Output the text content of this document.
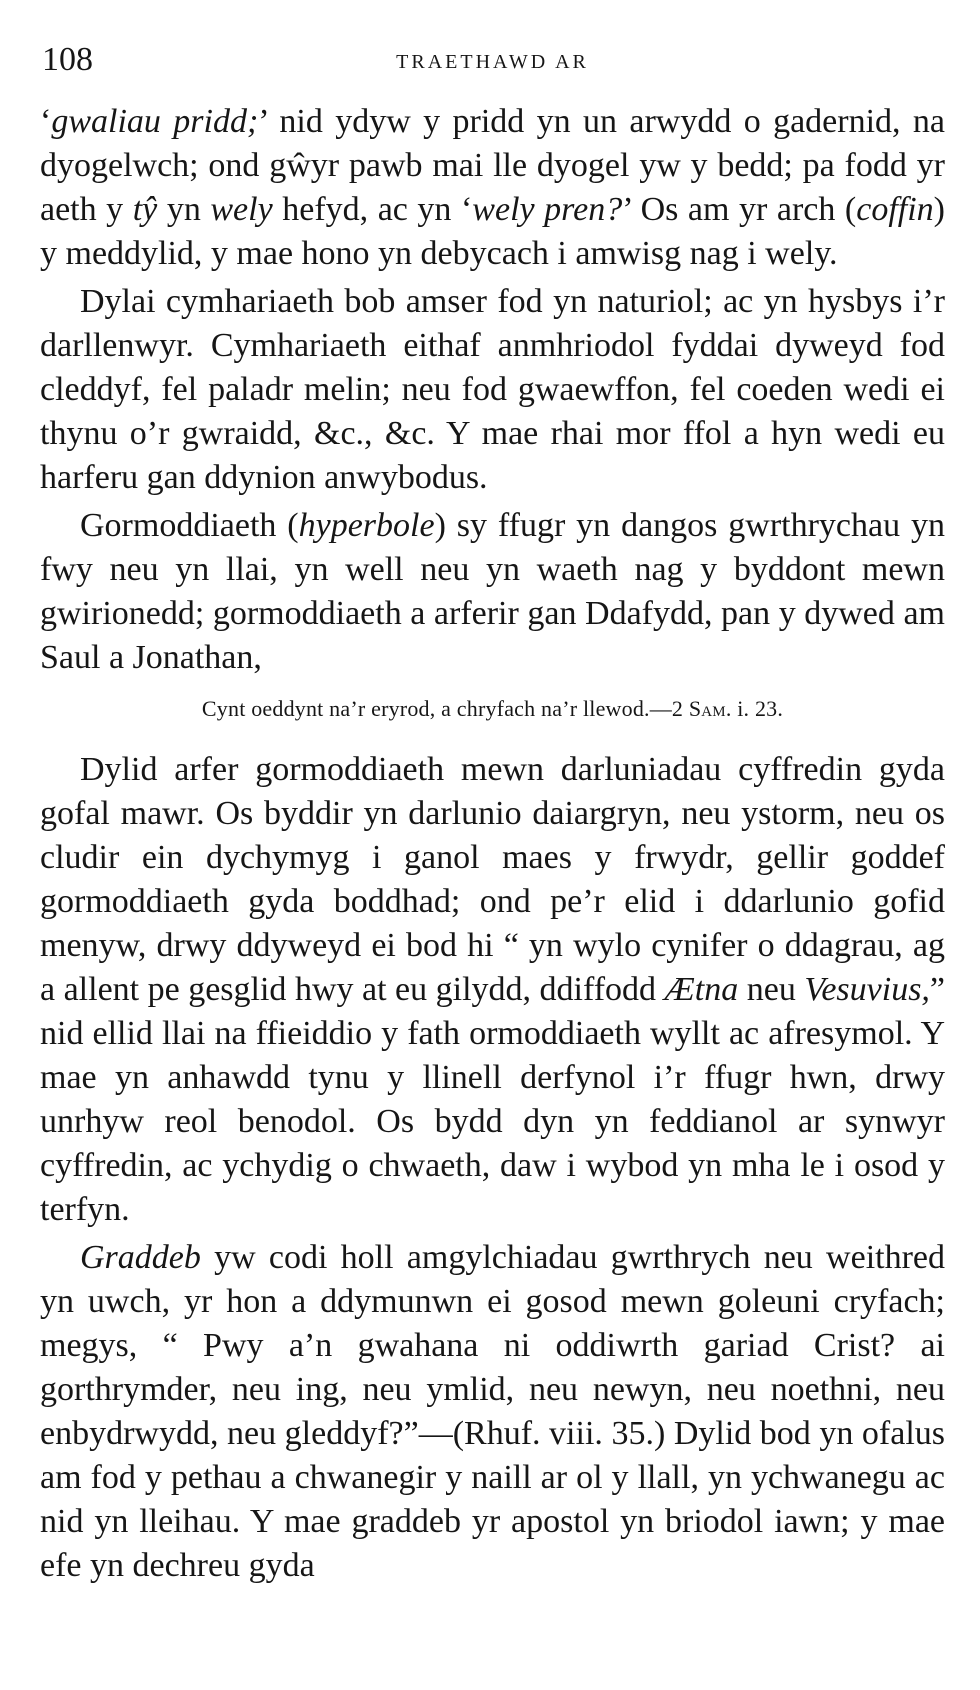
108	TRAETHAWD AR

‘gwaliau pridd;’ nid ydyw y pridd yn un arwydd o gadernid, na dyogelwch; ond gŵyr pawb mai lle dyogel yw y bedd; pa fodd yr aeth y tŷ yn wely hefyd, ac yn ‘wely pren?’ Os am yr arch (coffin) y meddylid, y mae hono yn debycach i amwisg nag i wely.

Dylai cymhariaeth bob amser fod yn naturiol; ac yn hysbys i’r darllenwyr. Cymhariaeth eithaf anmhriodol fyddai dyweyd fod cleddyf, fel paladr melin; neu fod gwaewffon, fel coeden wedi ei thynu o’r gwraidd, &c., &c. Y mae rhai mor ffol a hyn wedi eu harferu gan ddynion anwybodus.

Gormoddiaeth (hyperbole) sy ffugr yn dangos gwrthrychau yn fwy neu yn llai, yn well neu yn waeth nag y byddont mewn gwirionedd; gormoddiaeth a arferir gan Ddafydd, pan y dywed am Saul a Jonathan,

Cynt oeddynt na’r eryrod, a chryfach na’r llewod.—2 Sam. i. 23.

Dylid arfer gormoddiaeth mewn darluniadau cyffredin gyda gofal mawr. Os byddir yn darlunio daiargryn, neu ystorm, neu os cludir ein dychymyg i ganol maes y frwydr, gellir goddef gormoddiaeth gyda boddhad; ond pe’r elid i ddarlunio gofid menyw, drwy ddyweyd ei bod hi “ yn wylo cynifer o ddagrau, ag a allent pe gesglid hwy at eu gilydd, ddiffodd Ætna neu Vesuvius,” nid ellid llai na ffieiddio y fath ormoddiaeth wyllt ac afresymol. Y mae yn anhawdd tynu y llinell derfynol i’r ffugr hwn, drwy unrhyw reol benodol. Os bydd dyn yn feddianol ar synwyr cyffredin, ac ychydig o chwaeth, daw i wybod yn mha le i osod y terfyn.

Graddeb yw codi holl amgylchiadau gwrthrych neu weithred yn uwch, yr hon a ddymunwn ei gosod mewn goleuni cryfach; megys, “ Pwy a’n gwahana ni oddiwrth gariad Crist? ai gorthrymder, neu ing, neu ymlid, neu newyn, neu noethni, neu enbydrwydd, neu gleddyf?”—(Rhuf. viii. 35.) Dylid bod yn ofalus am fod y pethau a chwanegir y naill ar ol y llall, yn ychwanegu ac nid yn lleihau. Y mae graddeb yr apostol yn briodol iawn; y mae efe yn dechreu gyda
